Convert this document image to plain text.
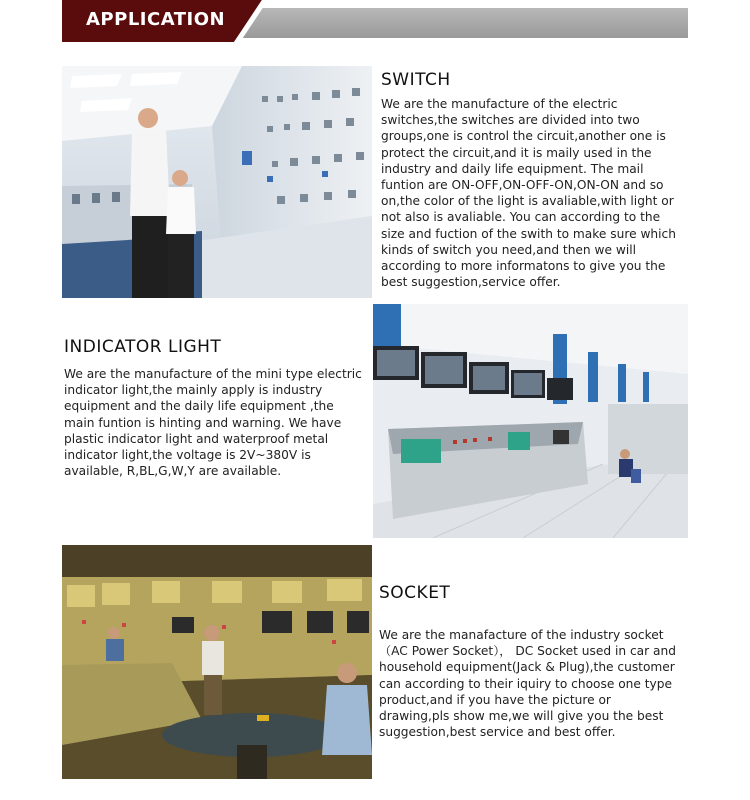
APPLICATION
SWITCH
We are the manufacture of the electric switches,the switches are divided into two groups,one is control the circuit,another one is protect the circuit,and it is maily used in the industry and daily life equipment. The mail funtion are ON-OFF,ON-OFF-ON,ON-ON and so on,the color of the light is avaliable,with light or not also is avaliable. You can according to the size and fuction of the swith to make sure which kinds of switch you need,and then we will according to more informatons to give you the best suggestion,service offer.
INDICATOR LIGHT
We are the manufacture of the mini type electric indicator light,the mainly apply is industry equipment and the daily life equipment ,the main funtion is hinting and warning. We have plastic indicator light and waterproof metal indicator light,the voltage is 2V~380V is available, R,BL,G,W,Y are available.
SOCKET
We are the manafacture of the industry socket（AC Power Socket）， DC Socket used in car and household equipment(Jack & Plug),the customer can according to their iquiry to choose one type product,and if you have the picture or drawing,pls show me,we will give you the best suggestion,best service and best offer.
